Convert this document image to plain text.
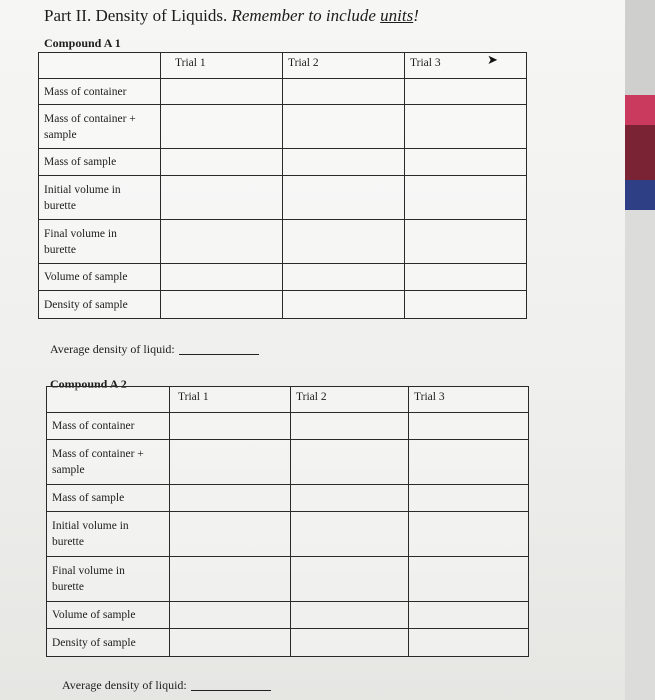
Part II. Density of Liquids. Remember to include units!
Compound A 1
	Trial 1	Trial 2	Trial 3

Mass of container			

Mass of container +
sample			

Mass of sample			

Initial volume in
burette			

Final volume in
burette			

Volume of sample			

Density of sample			

➤
Average density of liquid:
Compound A 2
	Trial 1	Trial 2	Trial 3

Mass of container			

Mass of container +
sample			

Mass of sample			

Initial volume in
burette			

Final volume in
burette			

Volume of sample			

Density of sample			

Average density of liquid:
